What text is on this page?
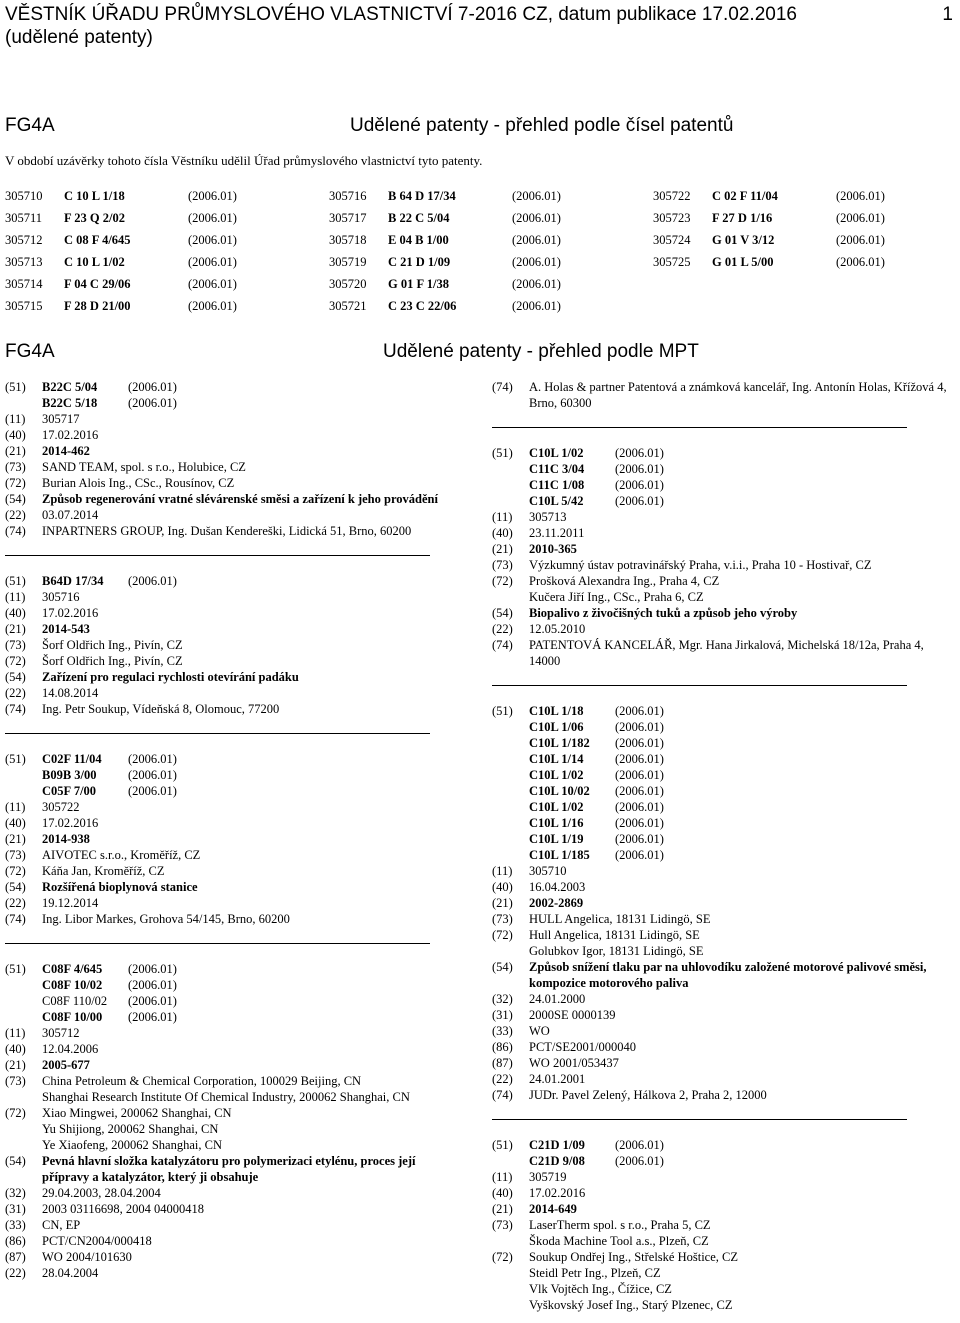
VĚSTNÍK ÚŘADU PRŮMYSLOVÉHO VLASTNICTVÍ 7-2016 CZ, datum publikace 17.02.2016
(udělené patenty)
1
FG4A	Udělené patenty - přehled podle čísel patentů
V období uzávěrky tohoto čísla Věstníku udělil Úřad průmyslového vlastnictví tyto patenty.
305710 C 10 L 1/18	(2006.01)
305711 F 23 Q 2/02	(2006.01)
305712 C 08 F 4/645	(2006.01)
305713 C 10 L 1/02	(2006.01)
305714 F 04 C 29/06	(2006.01)
305715 F 28 D 21/00	(2006.01)
305716 B 64 D 17/34	(2006.01)
305717 B 22 C 5/04	(2006.01)
305718 E 04 B 1/00	(2006.01)
305719 C 21 D 1/09	(2006.01)
305720 G 01 F 1/38	(2006.01)
305721 C 23 C 22/06	(2006.01)
305722 C 02 F 11/04	(2006.01)
305723 F 27 D 1/16	(2006.01)
305724 G 01 V 3/12	(2006.01)
305725 G 01 L 5/00	(2006.01)
FG4A	Udělené patenty - přehled podle MPT
(51)	B22C 5/04	(2006.01)
B22C 5/18	(2006.01)
(11)	305717
(40)	17.02.2016
(21)	2014-462
(73)	SAND TEAM, spol. s r.o., Holubice, CZ
(72)	Burian Alois Ing., CSc., Rousínov, CZ
(54)	Způsob regenerování vratné slévárenské směsi a zařízení k jeho provádění
(22)	03.07.2014
(74)	INPARTNERS GROUP, Ing. Dušan Kendereški, Lidická 51, Brno, 60200
(51)	B64D 17/34	(2006.01)
(11)	305716
(40)	17.02.2016
(21)	2014-543
(73)	Šorf Oldřich Ing., Pivín, CZ
(72)	Šorf Oldřich Ing., Pivín, CZ
(54)	Zařízení pro regulaci rychlosti otevírání padáku
(22)	14.08.2014
(74)	Ing. Petr Soukup, Vídeňská 8, Olomouc, 77200
(51)	C02F 11/04	(2006.01)
B09B 3/00	(2006.01)
C05F 7/00	(2006.01)
(11)	305722
(40)	17.02.2016
(21)	2014-938
(73)	AIVOTEC s.r.o., Kroměříž, CZ
(72)	Káňa Jan, Kroměříž, CZ
(54)	Rozšířená bioplynová stanice
(22)	19.12.2014
(74)	Ing. Libor Markes, Grohova 54/145, Brno, 60200
(51)	C08F 4/645	(2006.01)
C08F 10/02	(2006.01)
C08F 110/02	(2006.01)
C08F 10/00	(2006.01)
(11)	305712
(40)	12.04.2006
(21)	2005-677
(73)	China Petroleum & Chemical Corporation, 100029 Beijing, CN
Shanghai Research Institute Of Chemical Industry, 200062 Shanghai, CN
(72)	Xiao Mingwei, 200062 Shanghai, CN
Yu Shijiong, 200062 Shanghai, CN
Ye Xiaofeng, 200062 Shanghai, CN
(54)	Pevná hlavní složka katalyzátoru pro polymerizaci etylénu, proces její přípravy a katalyzátor, který ji obsahuje
(32)	29.04.2003, 28.04.2004
(31)	2003 03116698, 2004 04000418
(33)	CN, EP
(86)	PCT/CN2004/000418
(87)	WO 2004/101630
(22)	28.04.2004
(74)	A. Holas & partner Patentová a známková kancelář, Ing. Antonín Holas, Křížová 4, Brno, 60300
(51)	C10L 1/02	(2006.01)
C11C 3/04	(2006.01)
C11C 1/08	(2006.01)
C10L 5/42	(2006.01)
(11)	305713
(40)	23.11.2011
(21)	2010-365
(73)	Výzkumný ústav potravinářský Praha, v.i.i., Praha 10 - Hostivař, CZ
(72)	Prošková Alexandra Ing., Praha 4, CZ
Kučera Jiří Ing., CSc., Praha 6, CZ
(54)	Biopalivo z živočišných tuků a způsob jeho výroby
(22)	12.05.2010
(74)	PATENTOVÁ KANCELÁŘ, Mgr. Hana Jirkalová, Michelská 18/12a, Praha 4, 14000
(51)	C10L 1/18	(2006.01)
C10L 1/06	(2006.01)
C10L 1/182	(2006.01)
C10L 1/14	(2006.01)
C10L 1/02	(2006.01)
C10L 10/02	(2006.01)
C10L 1/02	(2006.01)
C10L 1/16	(2006.01)
C10L 1/19	(2006.01)
C10L 1/185	(2006.01)
(11)	305710
(40)	16.04.2003
(21)	2002-2869
(73)	HULL Angelica, 18131 Lidingö, SE
(72)	Hull Angelica, 18131 Lidingö, SE
Golubkov Igor, 18131 Lidingö, SE
(54)	Způsob snížení tlaku par na uhlovodíku založené motorové palivové směsi, kompozice motorového paliva
(32)	24.01.2000
(31)	2000SE 0000139
(33)	WO
(86)	PCT/SE2001/000040
(87)	WO 2001/053437
(22)	24.01.2001
(74)	JUDr. Pavel Zelený, Hálkova 2, Praha 2, 12000
(51)	C21D 1/09	(2006.01)
C21D 9/08	(2006.01)
(11)	305719
(40)	17.02.2016
(21)	2014-649
(73)	LaserTherm spol. s r.o., Praha 5, CZ
Škoda Machine Tool a.s., Plzeň, CZ
(72)	Soukup Ondřej Ing., Střelské Hoštice, CZ
Steidl Petr Ing., Plzeň, CZ
Vlk Vojtěch Ing., Čížice, CZ
Vyškovský Josef Ing., Starý Plzenec, CZ
